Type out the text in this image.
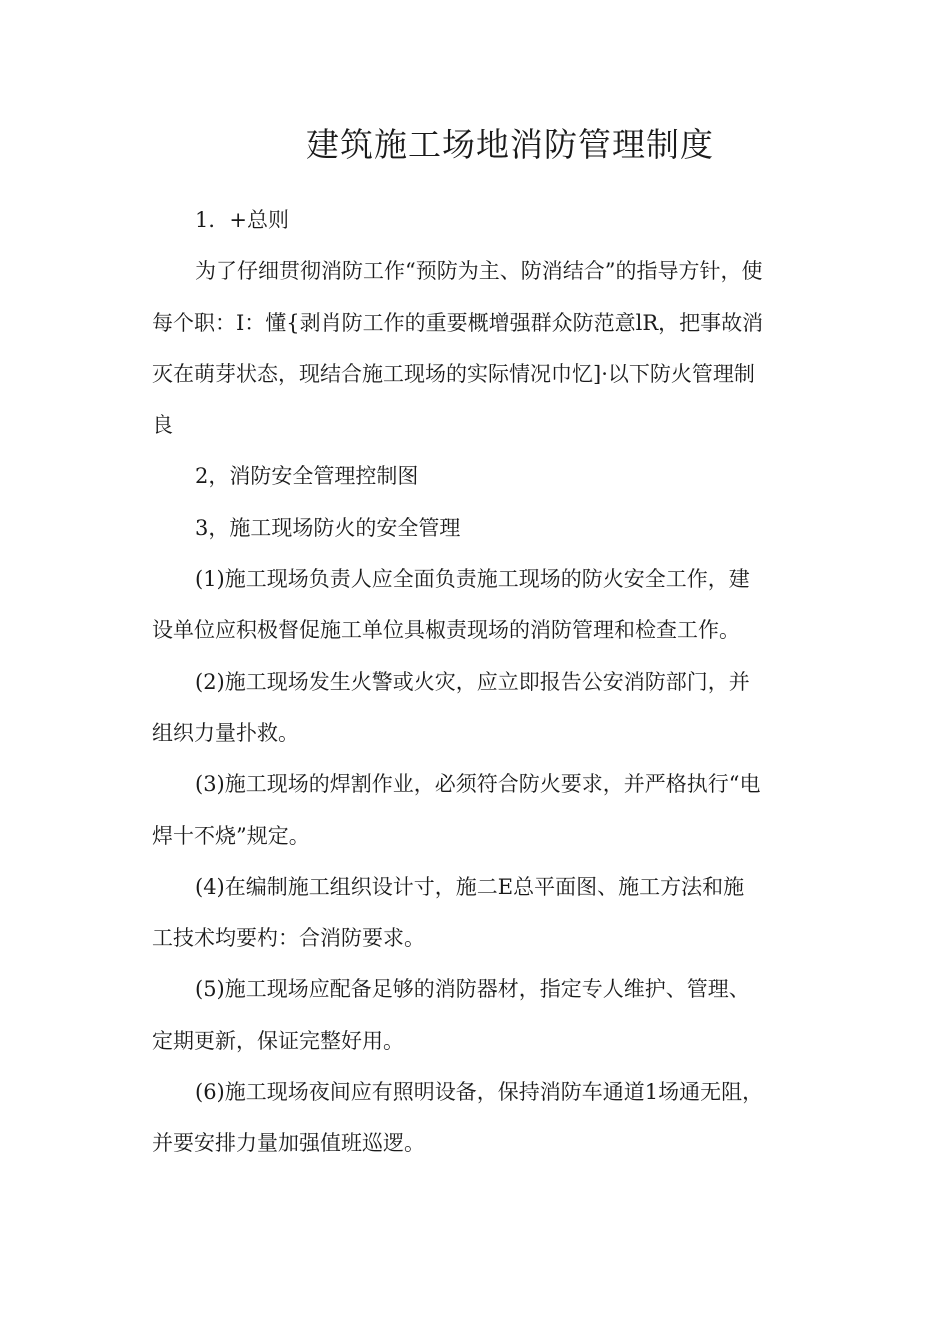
建筑施工场地消防管理制度
1．+总则
为了仔细贯彻消防工作“预防为主、防消结合”的指导方针，使
每个职：I：懂{剥肖防工作的重要概增强群众防范意lR，把事故消
灭在萌芽状态，现结合施工现场的实际情况巾忆]·以下防火管理制
良
2，消防安全管理控制图
3，施工现场防火的安全管理
(1)施工现场负责人应全面负责施工现场的防火安全工作，建
设单位应积极督促施工单位具椒责现场的消防管理和检查工作。
(2)施工现场发生火警或火灾，应立即报告公安消防部门，并
组织力量扑救。
(3)施工现场的焊割作业，必须符合防火要求，并严格执行“电
焊十不烧”规定。
(4)在编制施工组织设计寸，施二E总平面图、施工方法和施
工技术均要杓：合消防要求。
(5)施工现场应配备足够的消防器材，指定专人维护、管理、
定期更新，保证完整好用。
(6)施工现场夜间应有照明设备，保持消防车通道1场通无阻，
并要安排力量加强值班巡逻。
